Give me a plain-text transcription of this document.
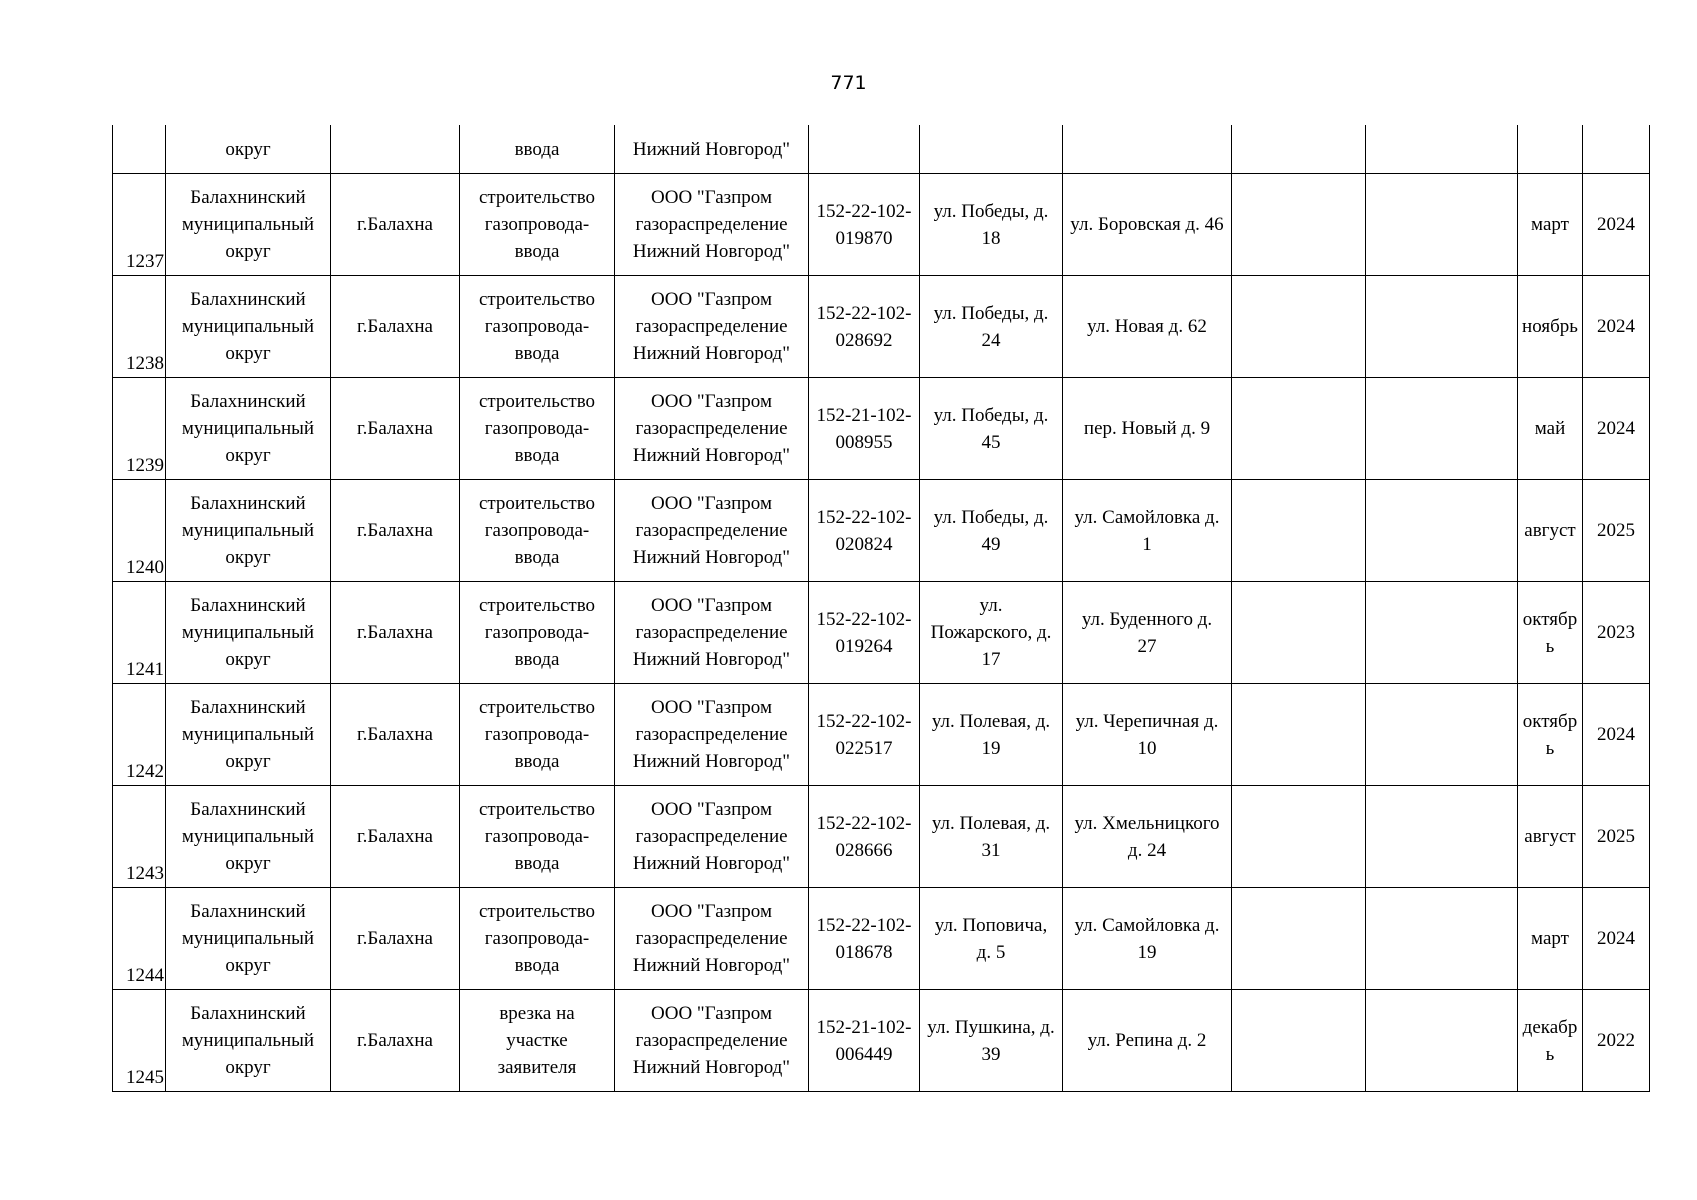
771
	округ		ввода	Нижний Новгород"							
1237	Балахнинский
муниципальный
округ	г.Балахна	строительство
газопровода-
ввода	ООО "Газпром
газораспределение
Нижний Новгород"	152-22-102-
019870	ул. Победы, д.
18	ул. Боровская д. 46			март	2024
1238	Балахнинский
муниципальный
округ	г.Балахна	строительство
газопровода-
ввода	ООО "Газпром
газораспределение
Нижний Новгород"	152-22-102-
028692	ул. Победы, д.
24	ул. Новая д. 62			ноябрь	2024
1239	Балахнинский
муниципальный
округ	г.Балахна	строительство
газопровода-
ввода	ООО "Газпром
газораспределение
Нижний Новгород"	152-21-102-
008955	ул. Победы, д.
45	пер. Новый д. 9			май	2024
1240	Балахнинский
муниципальный
округ	г.Балахна	строительство
газопровода-
ввода	ООО "Газпром
газораспределение
Нижний Новгород"	152-22-102-
020824	ул. Победы, д.
49	ул. Самойловка д.
1			август	2025
1241	Балахнинский
муниципальный
округ	г.Балахна	строительство
газопровода-
ввода	ООО "Газпром
газораспределение
Нижний Новгород"	152-22-102-
019264	ул.
Пожарского, д.
17	ул. Буденного д.
27			октябр
ь	2023
1242	Балахнинский
муниципальный
округ	г.Балахна	строительство
газопровода-
ввода	ООО "Газпром
газораспределение
Нижний Новгород"	152-22-102-
022517	ул. Полевая, д.
19	ул. Черепичная д.
10			октябр
ь	2024
1243	Балахнинский
муниципальный
округ	г.Балахна	строительство
газопровода-
ввода	ООО "Газпром
газораспределение
Нижний Новгород"	152-22-102-
028666	ул. Полевая, д.
31	ул. Хмельницкого
д. 24			август	2025
1244	Балахнинский
муниципальный
округ	г.Балахна	строительство
газопровода-
ввода	ООО "Газпром
газораспределение
Нижний Новгород"	152-22-102-
018678	ул. Поповича,
д. 5	ул. Самойловка д.
19			март	2024
1245	Балахнинский
муниципальный
округ	г.Балахна	врезка на
участке
заявителя	ООО "Газпром
газораспределение
Нижний Новгород"	152-21-102-
006449	ул. Пушкина, д.
39	ул. Репина д. 2			декабр
ь	2022
